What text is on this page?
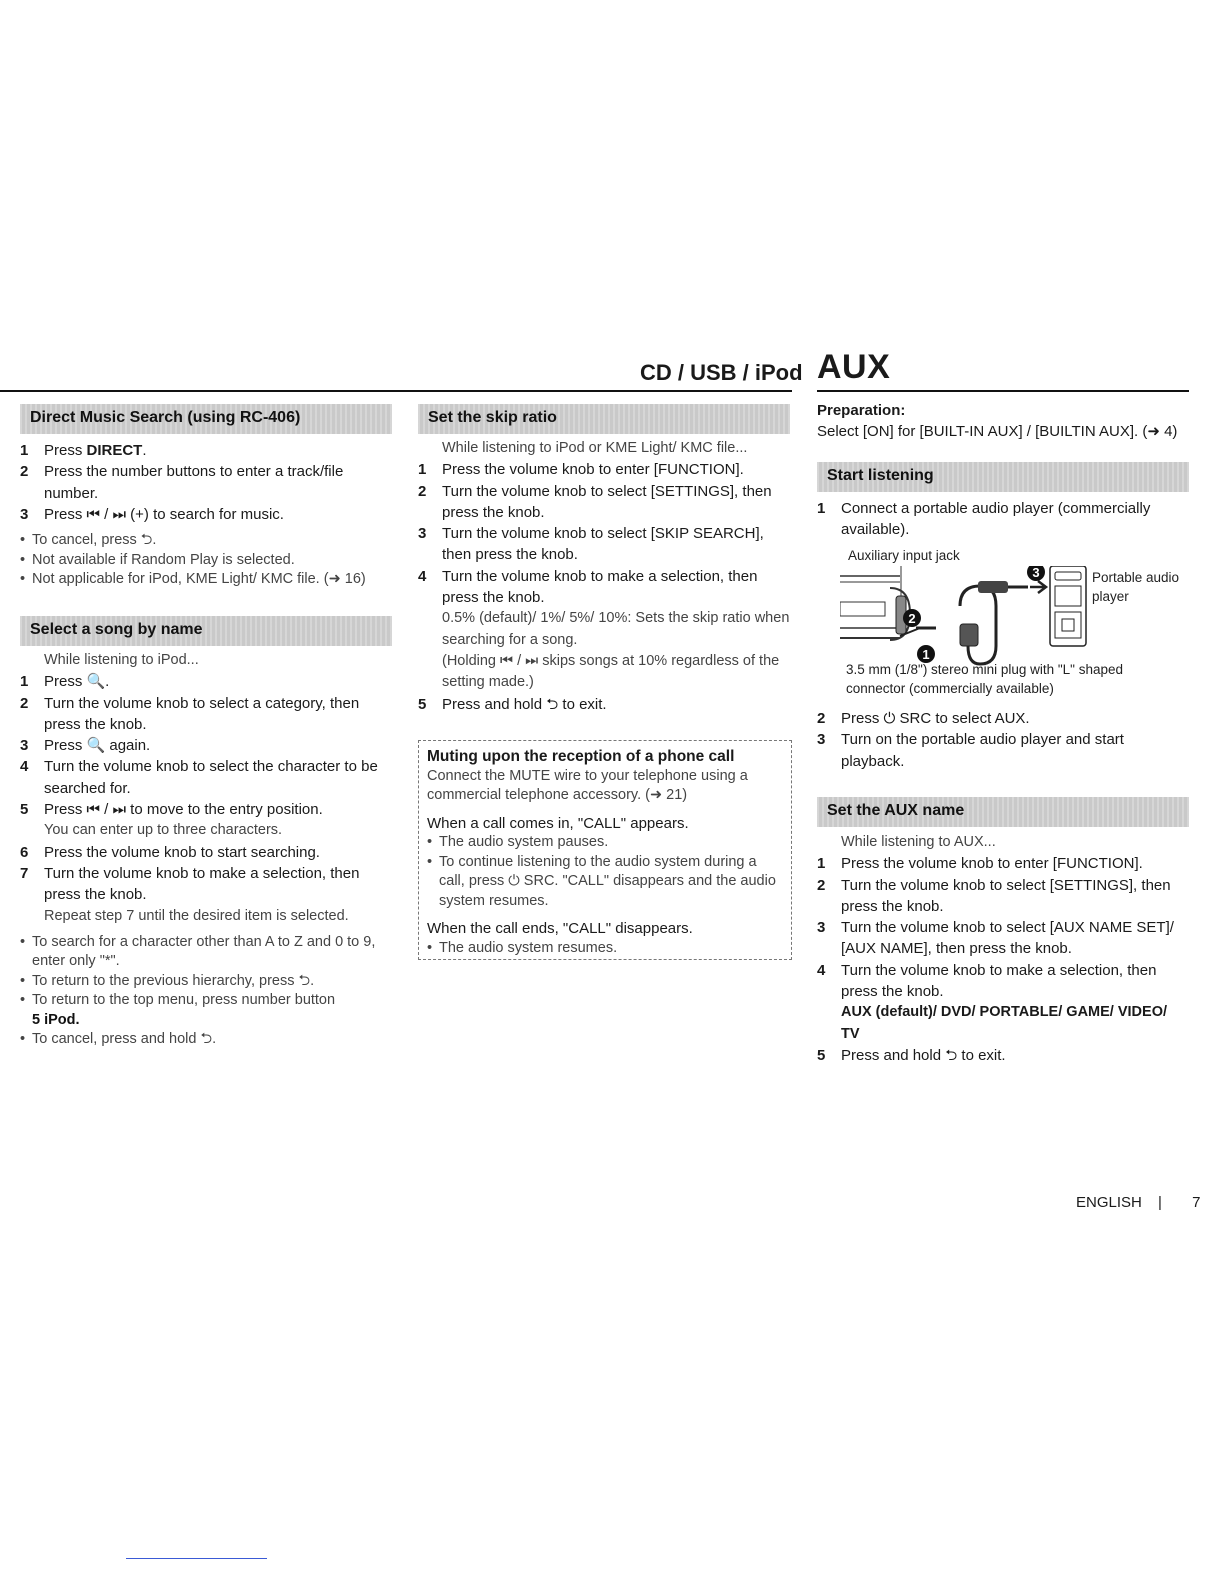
CD / USB / iPod AUX
Direct Music Search (using RC-406)
1	Press DIRECT.
2	Press the number buttons to enter a track/file number.
3	Press ⏮ / ⏭ (+) to search for music.
• To cancel, press ⮌.
• Not available if Random Play is selected.
• Not applicable for iPod, KME Light/ KMC file. (➜ 16)
Select a song by name
While listening to iPod...
1	Press 🔍.
2	Turn the volume knob to select a category, then press the knob.
3	Press 🔍 again.
4	Turn the volume knob to select the character to be searched for.
5	Press ⏮ / ⏭ to move to the entry position.
You can enter up to three characters.
6	Press the volume knob to start searching.
7	Turn the volume knob to make a selection, then press the knob.
Repeat step 7 until the desired item is selected.
• To search for a character other than A to Z and 0 to 9, enter only "*".
• To return to the previous hierarchy, press ⮌.
• To return to the top menu, press number button
5 iPod.
• To cancel, press and hold ⮌.
Set the skip ratio
While listening to iPod or KME Light/ KMC file...
1	Press the volume knob to enter [FUNCTION].
2	Turn the volume knob to select [SETTINGS], then press the knob.
3	Turn the volume knob to select [SKIP SEARCH], then press the knob.
4	Turn the volume knob to make a selection, then press the knob.
0.5% (default)/ 1%/ 5%/ 10%: Sets the skip ratio when searching for a song.
(Holding ⏮ / ⏭ skips songs at 10% regardless of the setting made.)
5	Press and hold ⮌ to exit.
Muting upon the reception of a phone call
Connect the MUTE wire to your telephone using a commercial telephone accessory. (➜ 21)
When a call comes in, "CALL" appears.
• The audio system pauses.
• To continue listening to the audio system during a call, press ⏻ SRC. "CALL" disappears and the audio system resumes.
When the call ends, "CALL" disappears.
• The audio system resumes.
Preparation:
Select [ON] for [BUILT-IN AUX] / [BUILTIN AUX]. (➜ 4)
Start listening
1	Connect a portable audio player (commercially available).
Auxiliary input jack
2
1
3	Portable audio player
3.5 mm (1/8") stereo mini plug with "L" shaped connector (commercially available)
2	Press ⏻ SRC to select AUX.
3	Turn on the portable audio player and start playback.
Set the AUX name
While listening to AUX...
1	Press the volume knob to enter [FUNCTION].
2	Turn the volume knob to select [SETTINGS], then press the knob.
3	Turn the volume knob to select [AUX NAME SET]/ [AUX NAME], then press the knob.
4	Turn the volume knob to make a selection, then press the knob.
AUX (default)/ DVD/ PORTABLE/ GAME/ VIDEO/ TV
5	Press and hold ⮌ to exit.
ENGLISH | 7
